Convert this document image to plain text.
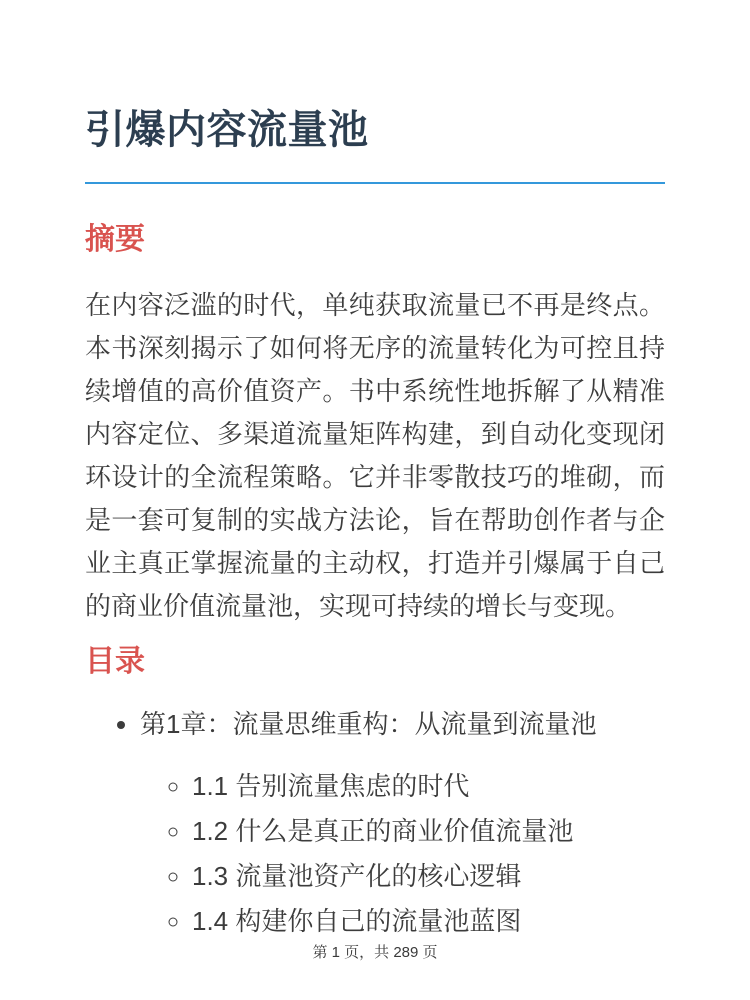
引爆内容流量池
摘要

在内容泛滥的时代，单纯获取流量已不再是终点。本书深刻揭示了如何将无序的流量转化为可控且持续增值的高价值资产。书中系统性地拆解了从精准内容定位、多渠道流量矩阵构建，到自动化变现闭环设计的全流程策略。它并非零散技巧的堆砌，而是一套可复制的实战方法论，旨在帮助创作者与企业主真正掌握流量的主动权，打造并引爆属于自己的商业价值流量池，实现可持续的增长与变现。

目录
• 第1章：流量思维重构：从流量到流量池
◦ 1.1 告别流量焦虑的时代
◦ 1.2 什么是真正的商业价值流量池
◦ 1.3 流量池资产化的核心逻辑
◦ 1.4 构建你自己的流量池蓝图
第 1 页，共 289 页
